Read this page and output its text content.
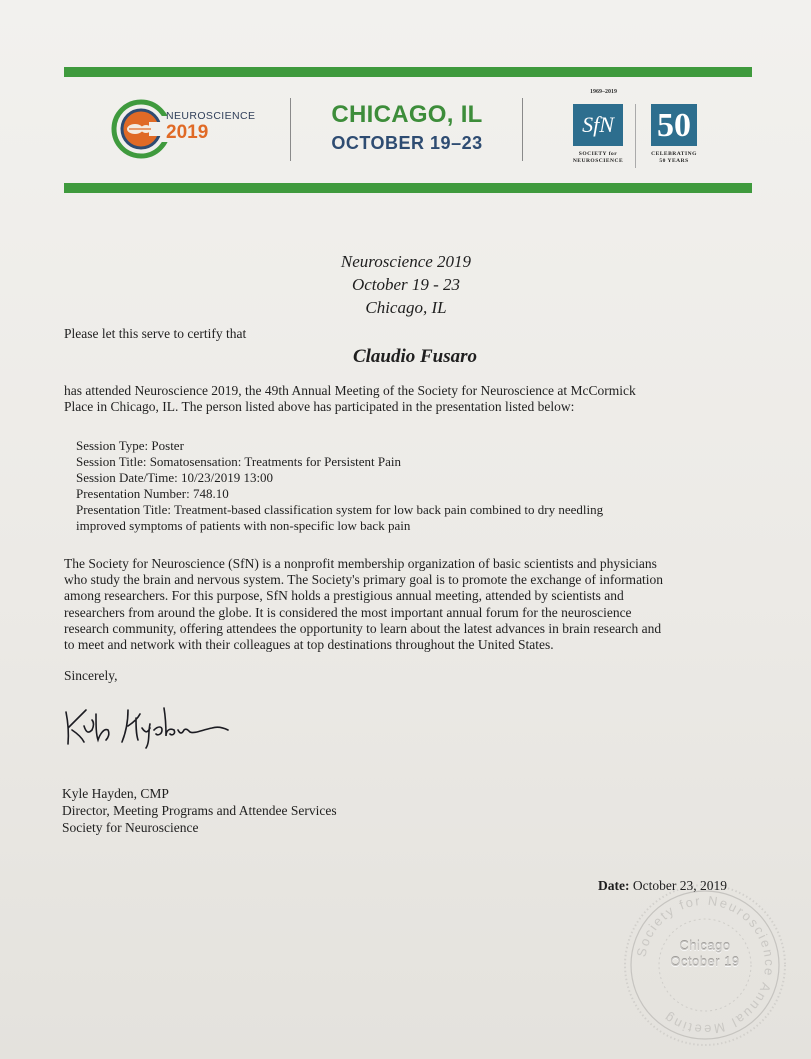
NEUROSCIENCE
2019
CHICAGO, IL
OCTOBER 19–23
1969–2019
SfN
SOCIETY for
NEUROSCIENCE
50
CELEBRATING
50 YEARS
Neuroscience 2019
October 19 - 23
Chicago, IL
Please let this serve to certify that
Claudio Fusaro
has attended Neuroscience 2019, the 49th Annual Meeting of the Society for Neuroscience at McCormick
Place in Chicago, IL. The person listed above has participated in the presentation listed below:
Session Type: Poster
Session Title: Somatosensation: Treatments for Persistent Pain
Session Date/Time: 10/23/2019 13:00
Presentation Number: 748.10
Presentation Title: Treatment-based classification system for low back pain combined to dry needling
improved symptoms of patients with non-specific low back pain
The Society for Neuroscience (SfN) is a nonprofit membership organization of basic scientists and physicians
who study the brain and nervous system. The Society's primary goal is to promote the exchange of information
among researchers. For this purpose, SfN holds a prestigious annual meeting, attended by scientists and
researchers from around the globe. It is considered the most important annual forum for the neuroscience
research community, offering attendees the opportunity to learn about the latest advances in brain research and
to meet and network with their colleagues at top destinations throughout the United States.
Sincerely,
Kyle Hayden, CMP
Director, Meeting Programs and Attendee Services
Society for Neuroscience
Society for Neuroscience Annual Meeting
Chicago
October 19
Date: October 23, 2019
